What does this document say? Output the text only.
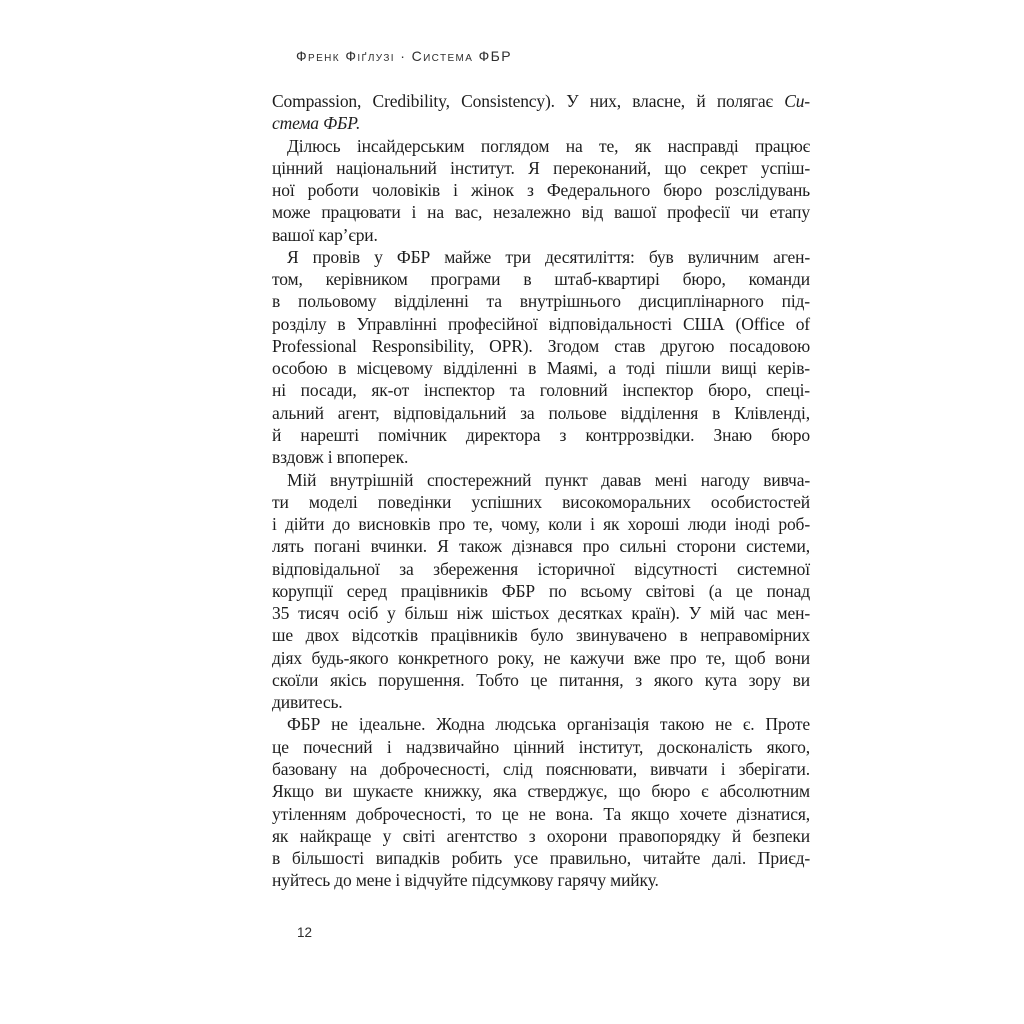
Френк Фіґлузі · Система ФБР
Compassion, Credibility, Consistency). У них, власне, й полягає Си-
стема ФБР.
Ділюсь інсайдерським поглядом на те, як насправді працює
цінний національний інститут. Я переконаний, що секрет успіш-
ної роботи чоловіків і жінок з Федерального бюро розслідувань
може працювати і на вас, незалежно від вашої професії чи етапу
вашої кар’єри.
Я провів у ФБР майже три десятиліття: був вуличним аген-
том, керівником програми в штаб-квартирі бюро, команди
в польовому відділенні та внутрішнього дисциплінарного під-
розділу в Управлінні професійної відповідальності США (Office of
Professional Responsibility, OPR). Згодом став другою посадовою
особою в місцевому відділенні в Маямі, а тоді пішли вищі керів-
ні посади, як-от інспектор та головний інспектор бюро, спеці-
альний агент, відповідальний за польове відділення в Клівленді,
й нарешті помічник директора з контррозвідки. Знаю бюро
вздовж і впоперек.
Мій внутрішній спостережний пункт давав мені нагоду вивча-
ти моделі поведінки успішних високоморальних особистостей
і дійти до висновків про те, чому, коли і як хороші люди іноді роб-
лять погані вчинки. Я також дізнався про сильні сторони системи,
відповідальної за збереження історичної відсутності системної
корупції серед працівників ФБР по всьому світові (а це понад
35 тисяч осіб у більш ніж шістьох десятках країн). У мій час мен-
ше двох відсотків працівників було звинувачено в неправомірних
діях будь-якого конкретного року, не кажучи вже про те, щоб вони
скоїли якісь порушення. Тобто це питання, з якого кута зору ви
дивитесь.
ФБР не ідеальне. Жодна людська організація такою не є. Проте
це почесний і надзвичайно цінний інститут, досконалість якого,
базовану на доброчесності, слід пояснювати, вивчати і зберігати.
Якщо ви шукаєте книжку, яка стверджує, що бюро є абсолютним
утіленням доброчесності, то це не вона. Та якщо хочете дізнатися,
як найкраще у світі агентство з охорони правопорядку й безпеки
в більшості випадків робить усе правильно, читайте далі. Приєд-
нуйтесь до мене і відчуйте підсумкову гарячу мийку.
12
